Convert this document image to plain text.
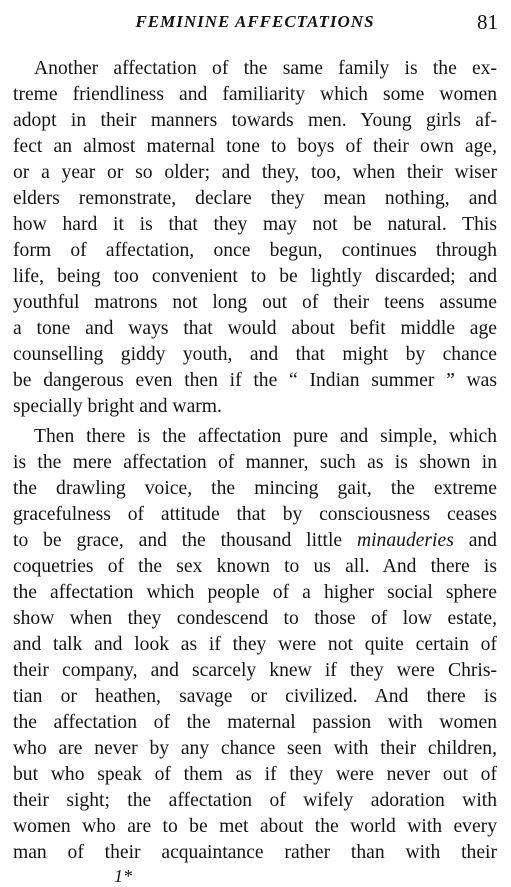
FEMININE AFFECTATIONS	81
Another affectation of the same family is the ex-
treme friendliness and familiarity which some women
adopt in their manners towards men. Young girls af-
fect an almost maternal tone to boys of their own age,
or a year or so older; and they, too, when their wiser
elders remonstrate, declare they mean nothing, and
how hard it is that they may not be natural. This
form of affectation, once begun, continues through
life, being too convenient to be lightly discarded; and
youthful matrons not long out of their teens assume
a tone and ways that would about befit middle age
counselling giddy youth, and that might by chance
be dangerous even then if the “ Indian summer ” was
specially bright and warm.
Then there is the affectation pure and simple, which
is the mere affectation of manner, such as is shown in
the drawling voice, the mincing gait, the extreme
gracefulness of attitude that by consciousness ceases
to be grace, and the thousand little minauderies and
coquetries of the sex known to us all. And there is
the affectation which people of a higher social sphere
show when they condescend to those of low estate,
and talk and look as if they were not quite certain of
their company, and scarcely knew if they were Chris-
tian or heathen, savage or civilized. And there is
the affectation of the maternal passion with women
who are never by any chance seen with their children,
but who speak of them as if they were never out of
their sight; the affectation of wifely adoration with
women who are to be met about the world with every
man of their acquaintance rather than with their
1*
